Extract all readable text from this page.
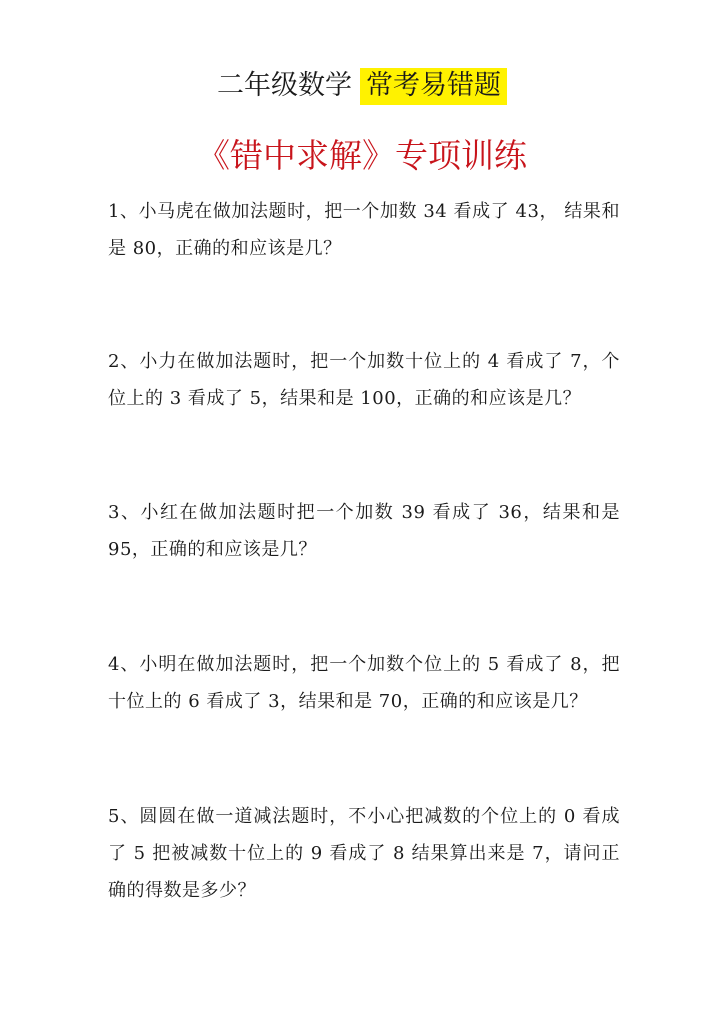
二年级数学 常考易错题
《错中求解》专项训练
1、小马虎在做加法题时，把一个加数 34 看成了 43， 结果和是 80，正确的和应该是几？
2、小力在做加法题时，把一个加数十位上的 4 看成了 7，个位上的 3 看成了 5，结果和是 100，正确的和应该是几？
3、小红在做加法题时把一个加数 39 看成了 36，结果和是 95，正确的和应该是几？
4、小明在做加法题时，把一个加数个位上的 5 看成了 8，把十位上的 6 看成了 3，结果和是 70，正确的和应该是几？
5、圆圆在做一道减法题时，不小心把减数的个位上的 0 看成了 5 把被减数十位上的 9 看成了 8 结果算出来是 7，请问正确的得数是多少？
